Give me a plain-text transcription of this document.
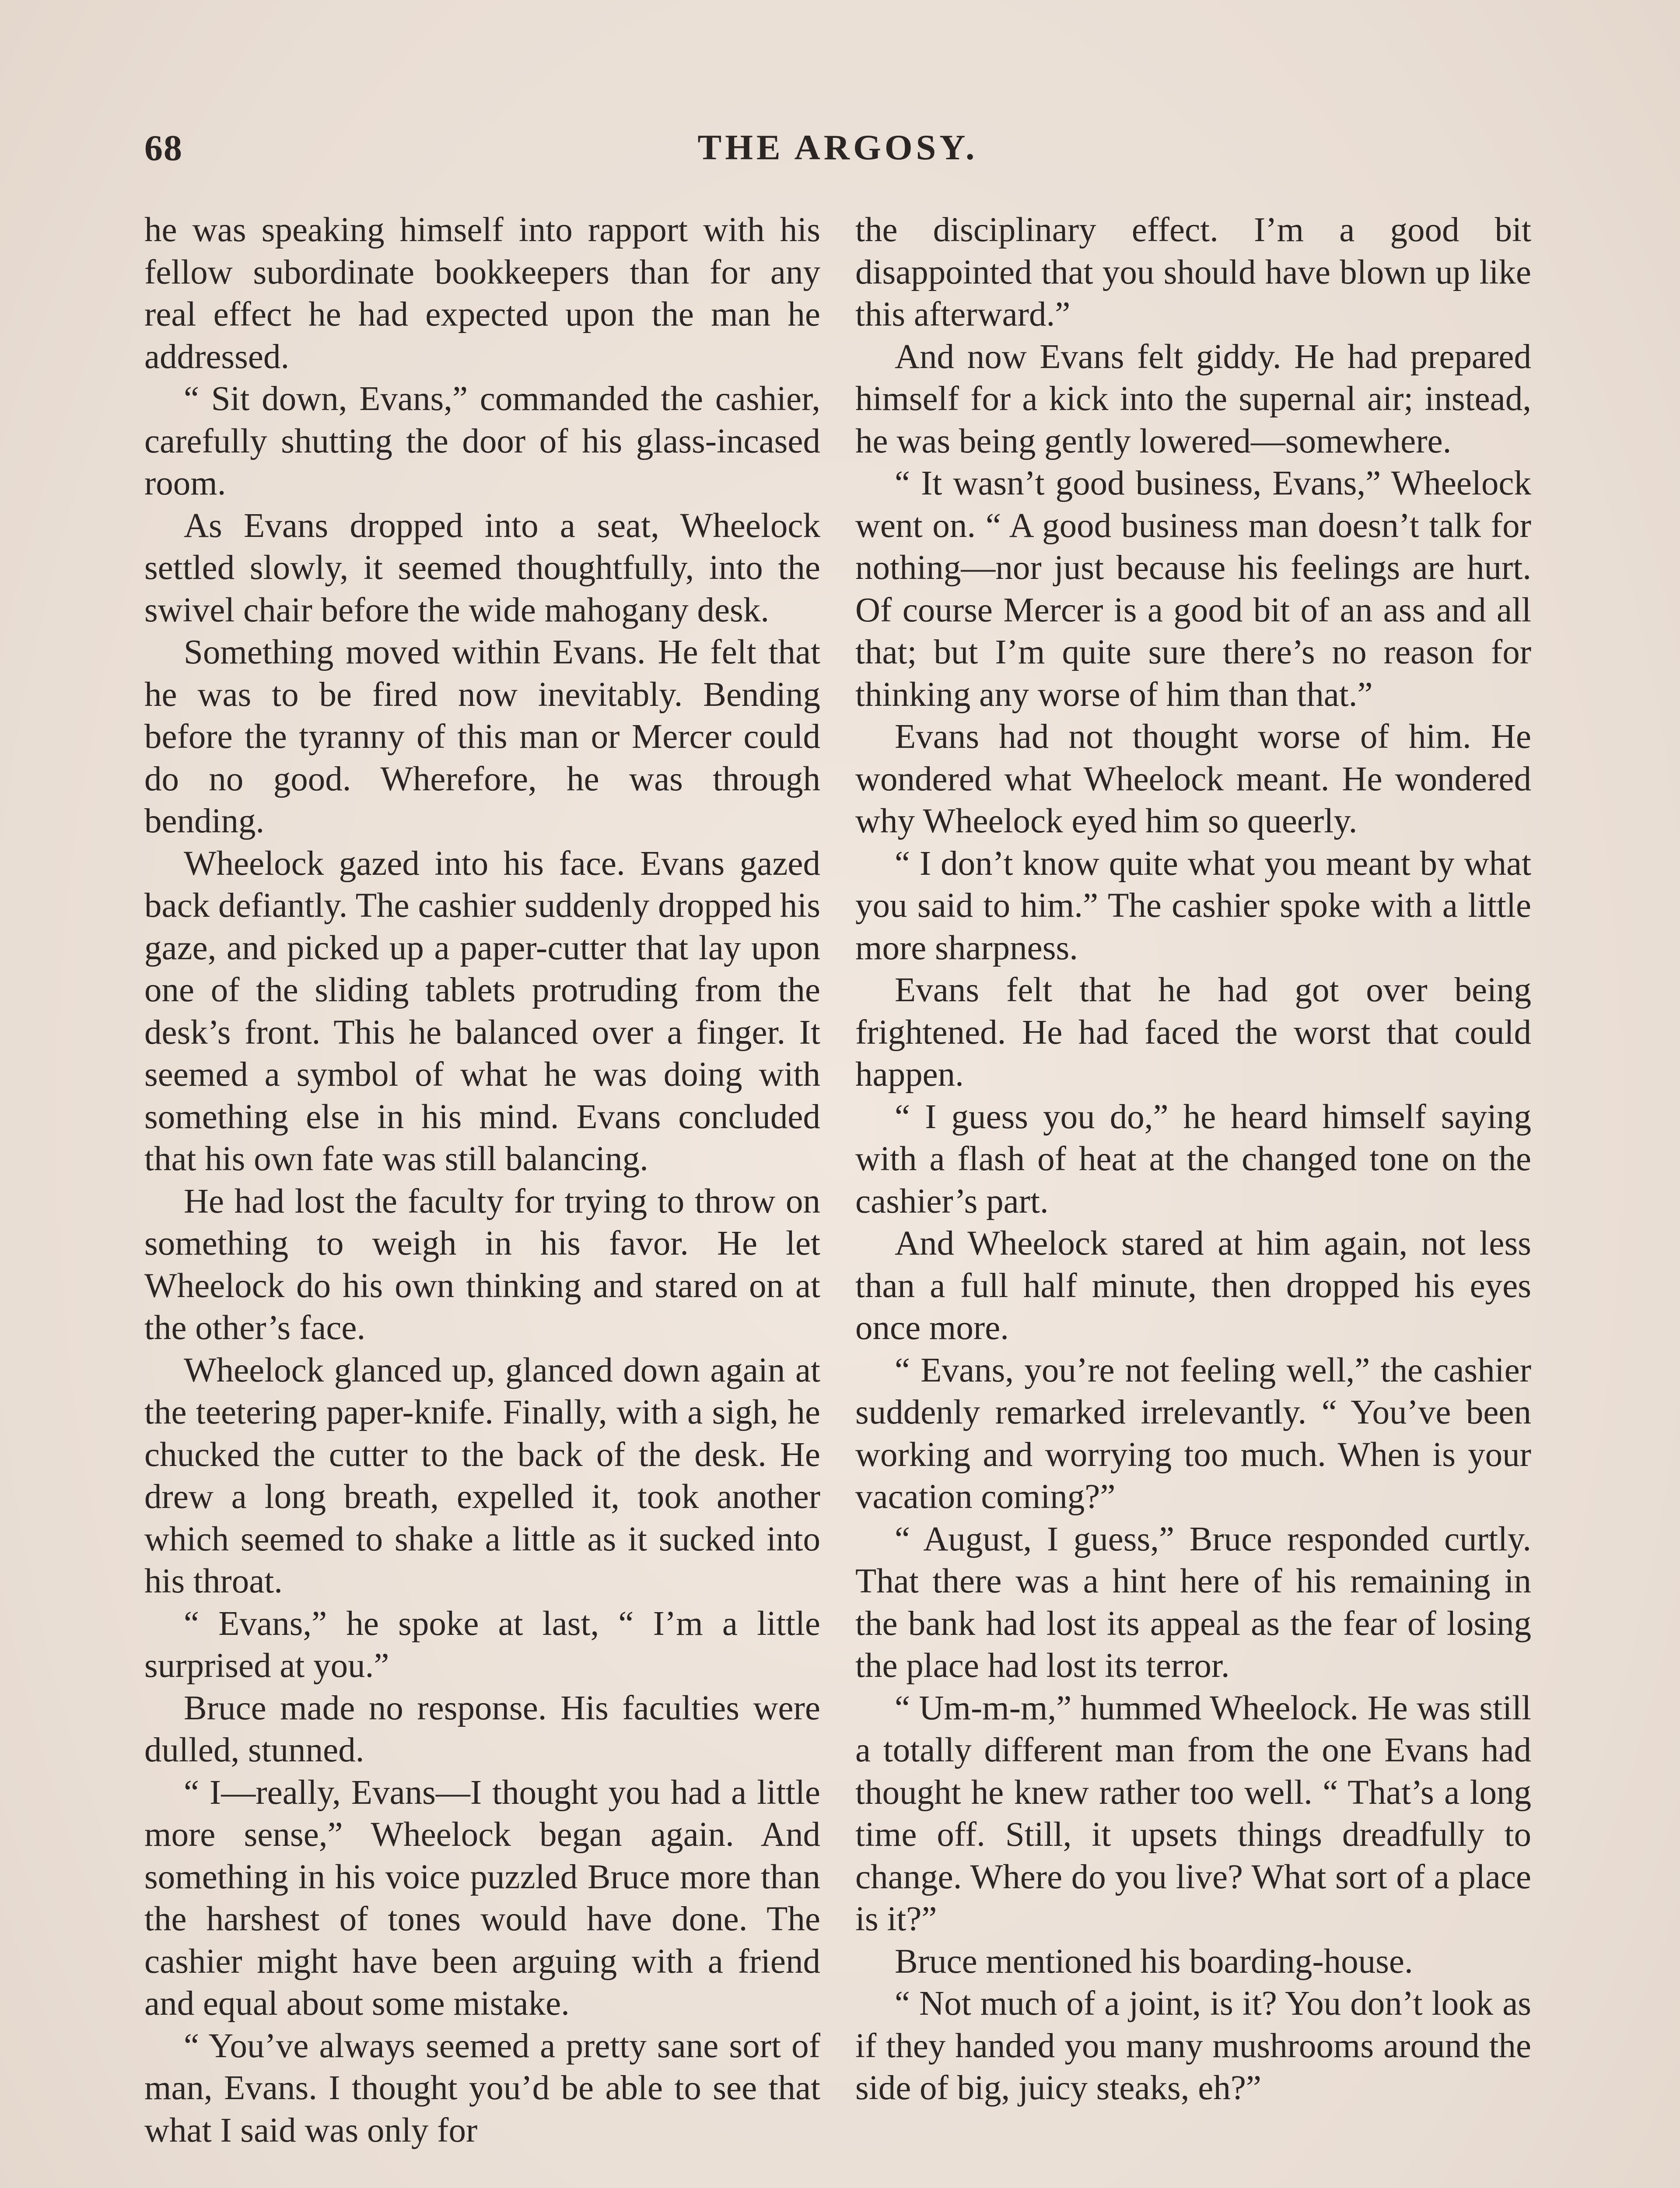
68	THE ARGOSY.

he was speaking himself into rapport with his fellow subordinate bookkeepers than for any real effect he had expected upon the man he addressed.

“ Sit down, Evans,” commanded the cashier, carefully shutting the door of his glass-incased room.

As Evans dropped into a seat, Wheelock settled slowly, it seemed thoughtfully, into the swivel chair before the wide mahogany desk.

Something moved within Evans. He felt that he was to be fired now inevitably. Bending before the tyranny of this man or Mercer could do no good. Wherefore, he was through bending.

Wheelock gazed into his face. Evans gazed back defiantly. The cashier suddenly dropped his gaze, and picked up a paper-cutter that lay upon one of the sliding tablets protruding from the desk’s front. This he balanced over a finger. It seemed a symbol of what he was doing with something else in his mind. Evans concluded that his own fate was still balancing.

He had lost the faculty for trying to throw on something to weigh in his favor. He let Wheelock do his own thinking and stared on at the other’s face.

Wheelock glanced up, glanced down again at the teetering paper-knife. Finally, with a sigh, he chucked the cutter to the back of the desk. He drew a long breath, expelled it, took another which seemed to shake a little as it sucked into his throat.

“ Evans,” he spoke at last, “ I’m a little surprised at you.”

Bruce made no response. His faculties were dulled, stunned.

“ I—really, Evans—I thought you had a little more sense,” Wheelock began again. And something in his voice puzzled Bruce more than the harshest of tones would have done. The cashier might have been arguing with a friend and equal about some mistake.

“ You’ve always seemed a pretty sane sort of man, Evans. I thought you’d be able to see that what I said was only for

the disciplinary effect. I’m a good bit disappointed that you should have blown up like this afterward.”

And now Evans felt giddy. He had prepared himself for a kick into the supernal air; instead, he was being gently lowered—somewhere.

“ It wasn’t good business, Evans,” Wheelock went on. “ A good business man doesn’t talk for nothing—nor just because his feelings are hurt. Of course Mercer is a good bit of an ass and all that; but I’m quite sure there’s no reason for thinking any worse of him than that.”

Evans had not thought worse of him. He wondered what Wheelock meant. He wondered why Wheelock eyed him so queerly.

“ I don’t know quite what you meant by what you said to him.” The cashier spoke with a little more sharpness.

Evans felt that he had got over being frightened. He had faced the worst that could happen.

“ I guess you do,” he heard himself saying with a flash of heat at the changed tone on the cashier’s part.

And Wheelock stared at him again, not less than a full half minute, then dropped his eyes once more.

“ Evans, you’re not feeling well,” the cashier suddenly remarked irrelevantly. “ You’ve been working and worrying too much. When is your vacation coming?”

“ August, I guess,” Bruce responded curtly. That there was a hint here of his remaining in the bank had lost its appeal as the fear of losing the place had lost its terror.

“ Um-m-m,” hummed Wheelock. He was still a totally different man from the one Evans had thought he knew rather too well. “ That’s a long time off. Still, it upsets things dreadfully to change. Where do you live? What sort of a place is it?”

Bruce mentioned his boarding-house.

“ Not much of a joint, is it? You don’t look as if they handed you many mushrooms around the side of big, juicy steaks, eh?”
